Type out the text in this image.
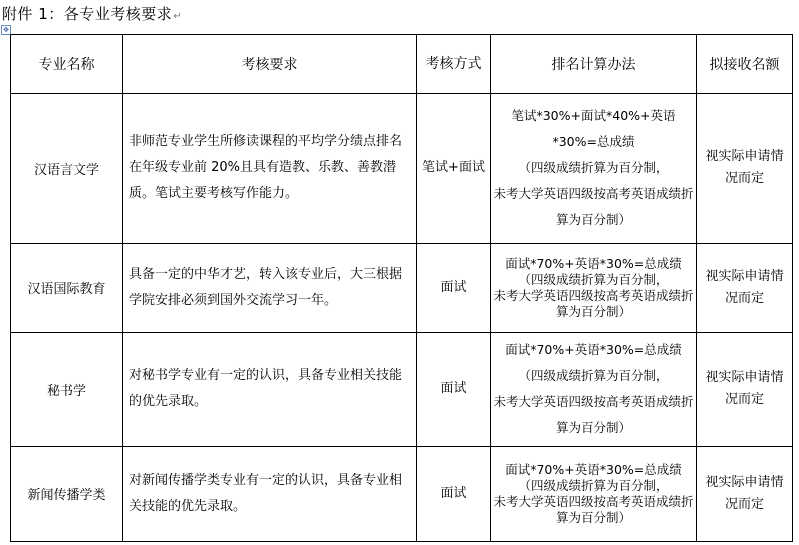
附件 1：各专业考核要求↵
✥
专业名称	考核要求	考核方式	排名计算办法	拟接收名额
汉语言文学	非师范专业学生所修读课程的平均学分绩点排名在年级专业前 20%且具有造教、乐教、善教潜质。笔试主要考核写作能力。	笔试+面试	笔试*30%+面试*40%+英语*30%=总成绩
（四级成绩折算为百分制，
未考大学英语四级按高考英语成绩折算为百分制）	视实际申请情况而定
汉语国际教育	具备一定的中华才艺，转入该专业后，大三根据学院安排必须到国外交流学习一年。	面试	面试*70%+英语*30%=总成绩
（四级成绩折算为百分制，
未考大学英语四级按高考英语成绩折算为百分制）	视实际申请情况而定
秘书学	对秘书学专业有一定的认识，具备专业相关技能的优先录取。	面试	面试*70%+英语*30%=总成绩
（四级成绩折算为百分制，
未考大学英语四级按高考英语成绩折算为百分制）	视实际申请情况而定
新闻传播学类	对新闻传播学类专业有一定的认识，具备专业相关技能的优先录取。	面试	面试*70%+英语*30%=总成绩
（四级成绩折算为百分制，
未考大学英语四级按高考英语成绩折算为百分制）	视实际申请情况而定
